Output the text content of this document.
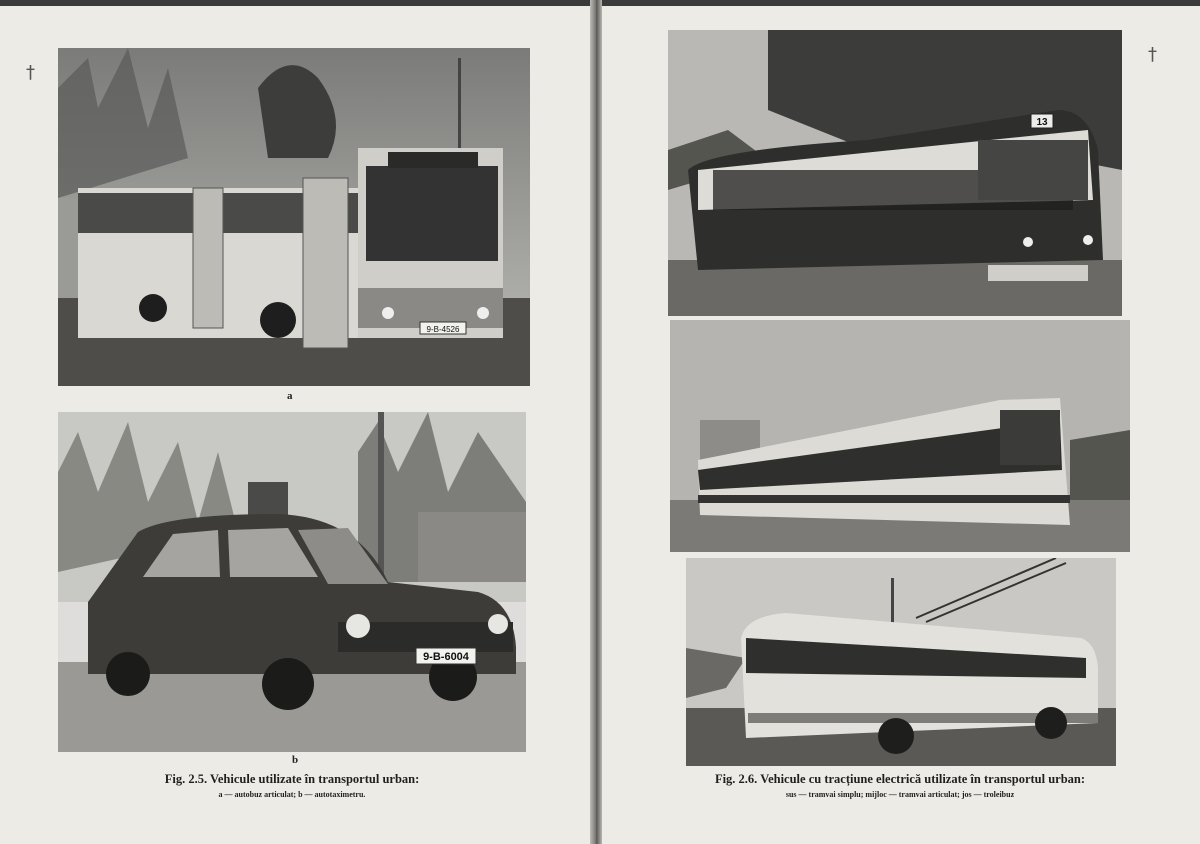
†
†
9-B-4526
a
9-B-6004
b
Fig. 2.5. Vehicule utilizate în transportul urban:
a — autobuz articulat; b — autotaximetru.
13
Fig. 2.6. Vehicule cu tracțiune electrică utilizate în transportul urban:
sus — tramvai simplu; mijloc — tramvai articulat; jos — troleibuz
